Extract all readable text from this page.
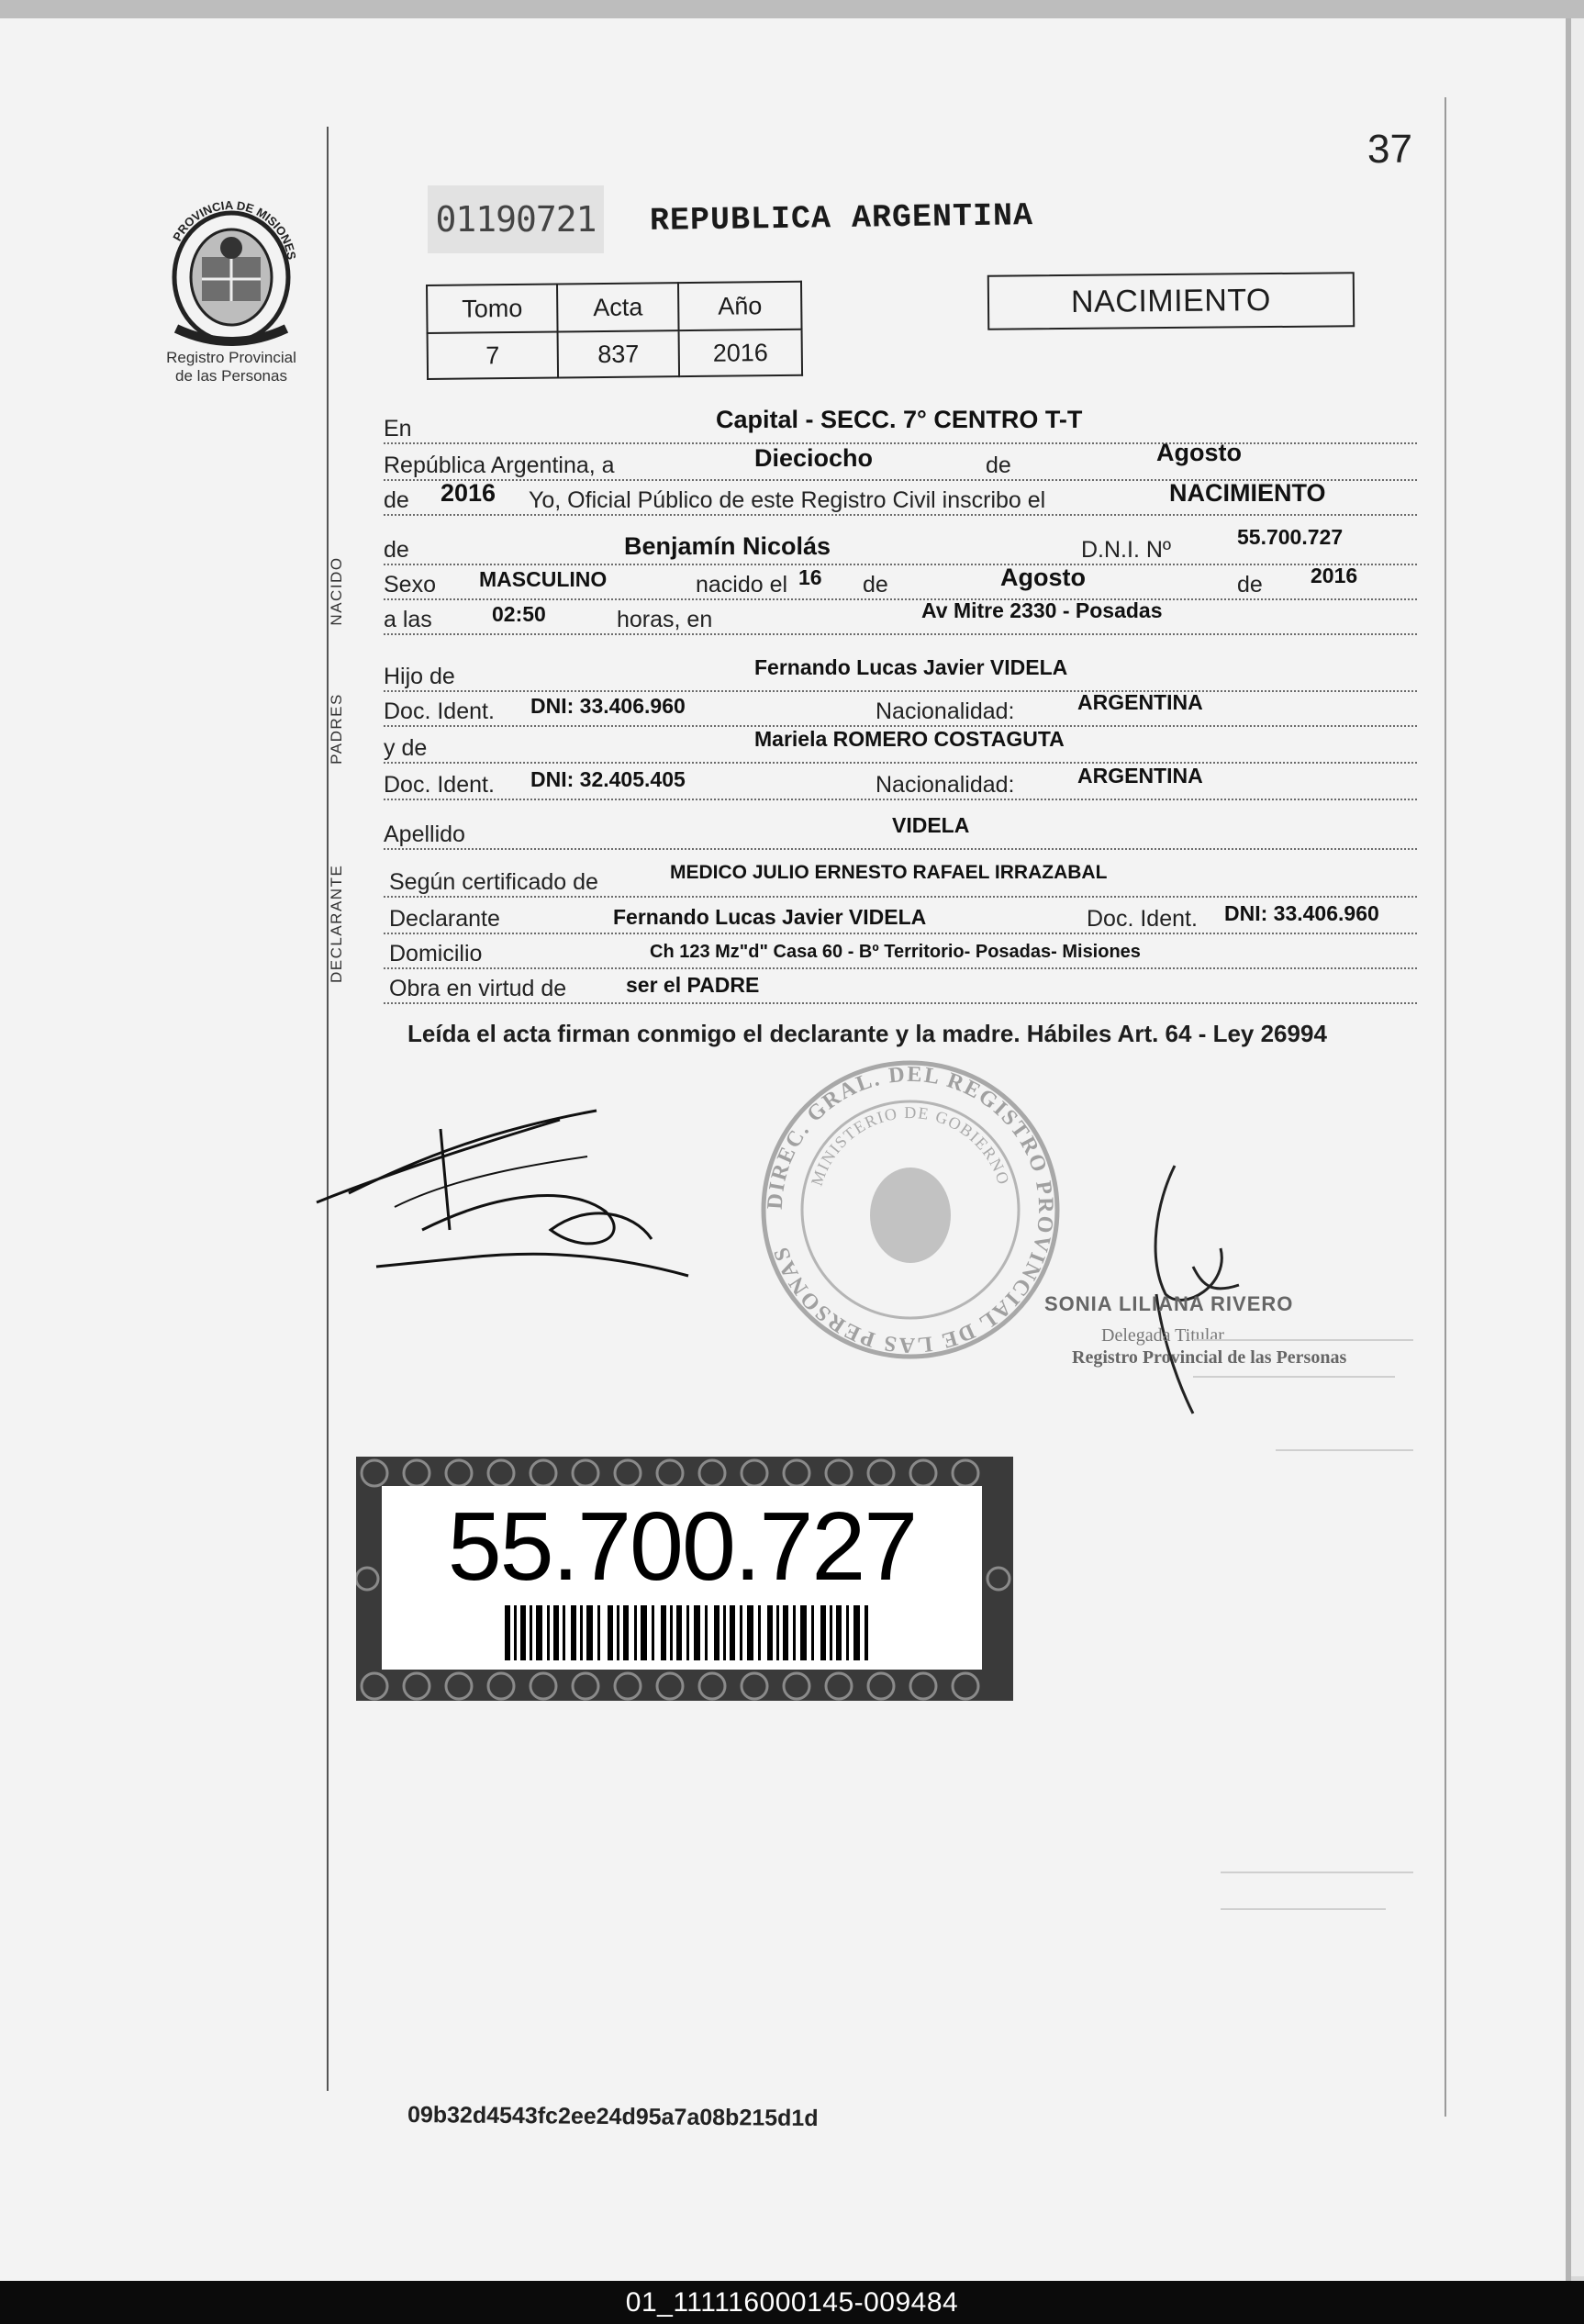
37
PROVINCIA DE MISIONES
Registro Provincial
de las Personas
01190721 REPUBLICA ARGENTINA
Tomo	Acta	Año
7	837	2016
NACIMIENTO
NACIDO
PADRES
DECLARANTE
En	Capital - SECC. 7° CENTRO T-T
República Argentina, a	Dieciocho	de	Agosto
de 2016 Yo, Oficial Público de este Registro Civil inscribo el	NACIMIENTO
de	Benjamín Nicolás	D.N.I. Nº	55.700.727
Sexo MASCULINO	nacido el 16 de	Agosto	de 2016
a las	02:50	horas, en	Av Mitre 2330 - Posadas
Hijo de	Fernando Lucas Javier VIDELA
Doc. Ident. DNI: 33.406.960	Nacionalidad:	ARGENTINA
y de	Mariela ROMERO COSTAGUTA
Doc. Ident. DNI: 32.405.405	Nacionalidad:	ARGENTINA
Apellido	VIDELA
Según certificado de	MEDICO JULIO ERNESTO RAFAEL IRRAZABAL
Declarante	Fernando Lucas Javier VIDELA	Doc. Ident. DNI: 33.406.960
Domicilio	Ch 123 Mz"d" Casa 60 - Bº Territorio- Posadas- Misiones
Obra en virtud de	ser el PADRE
Leída el acta firman conmigo el declarante y la madre. Hábiles Art. 64 - Ley 26994
DIREC. GRAL. DEL REGISTRO PROVINCIAL DE LAS PERSONAS
MINISTERIO DE GOBIERNO
SONIA LILIANA RIVERO
Delegada Titular
Registro Provincial de las Personas
55.700.727
09b32d4543fc2ee24d95a7a08b215d1d
01_111116000145-009484
